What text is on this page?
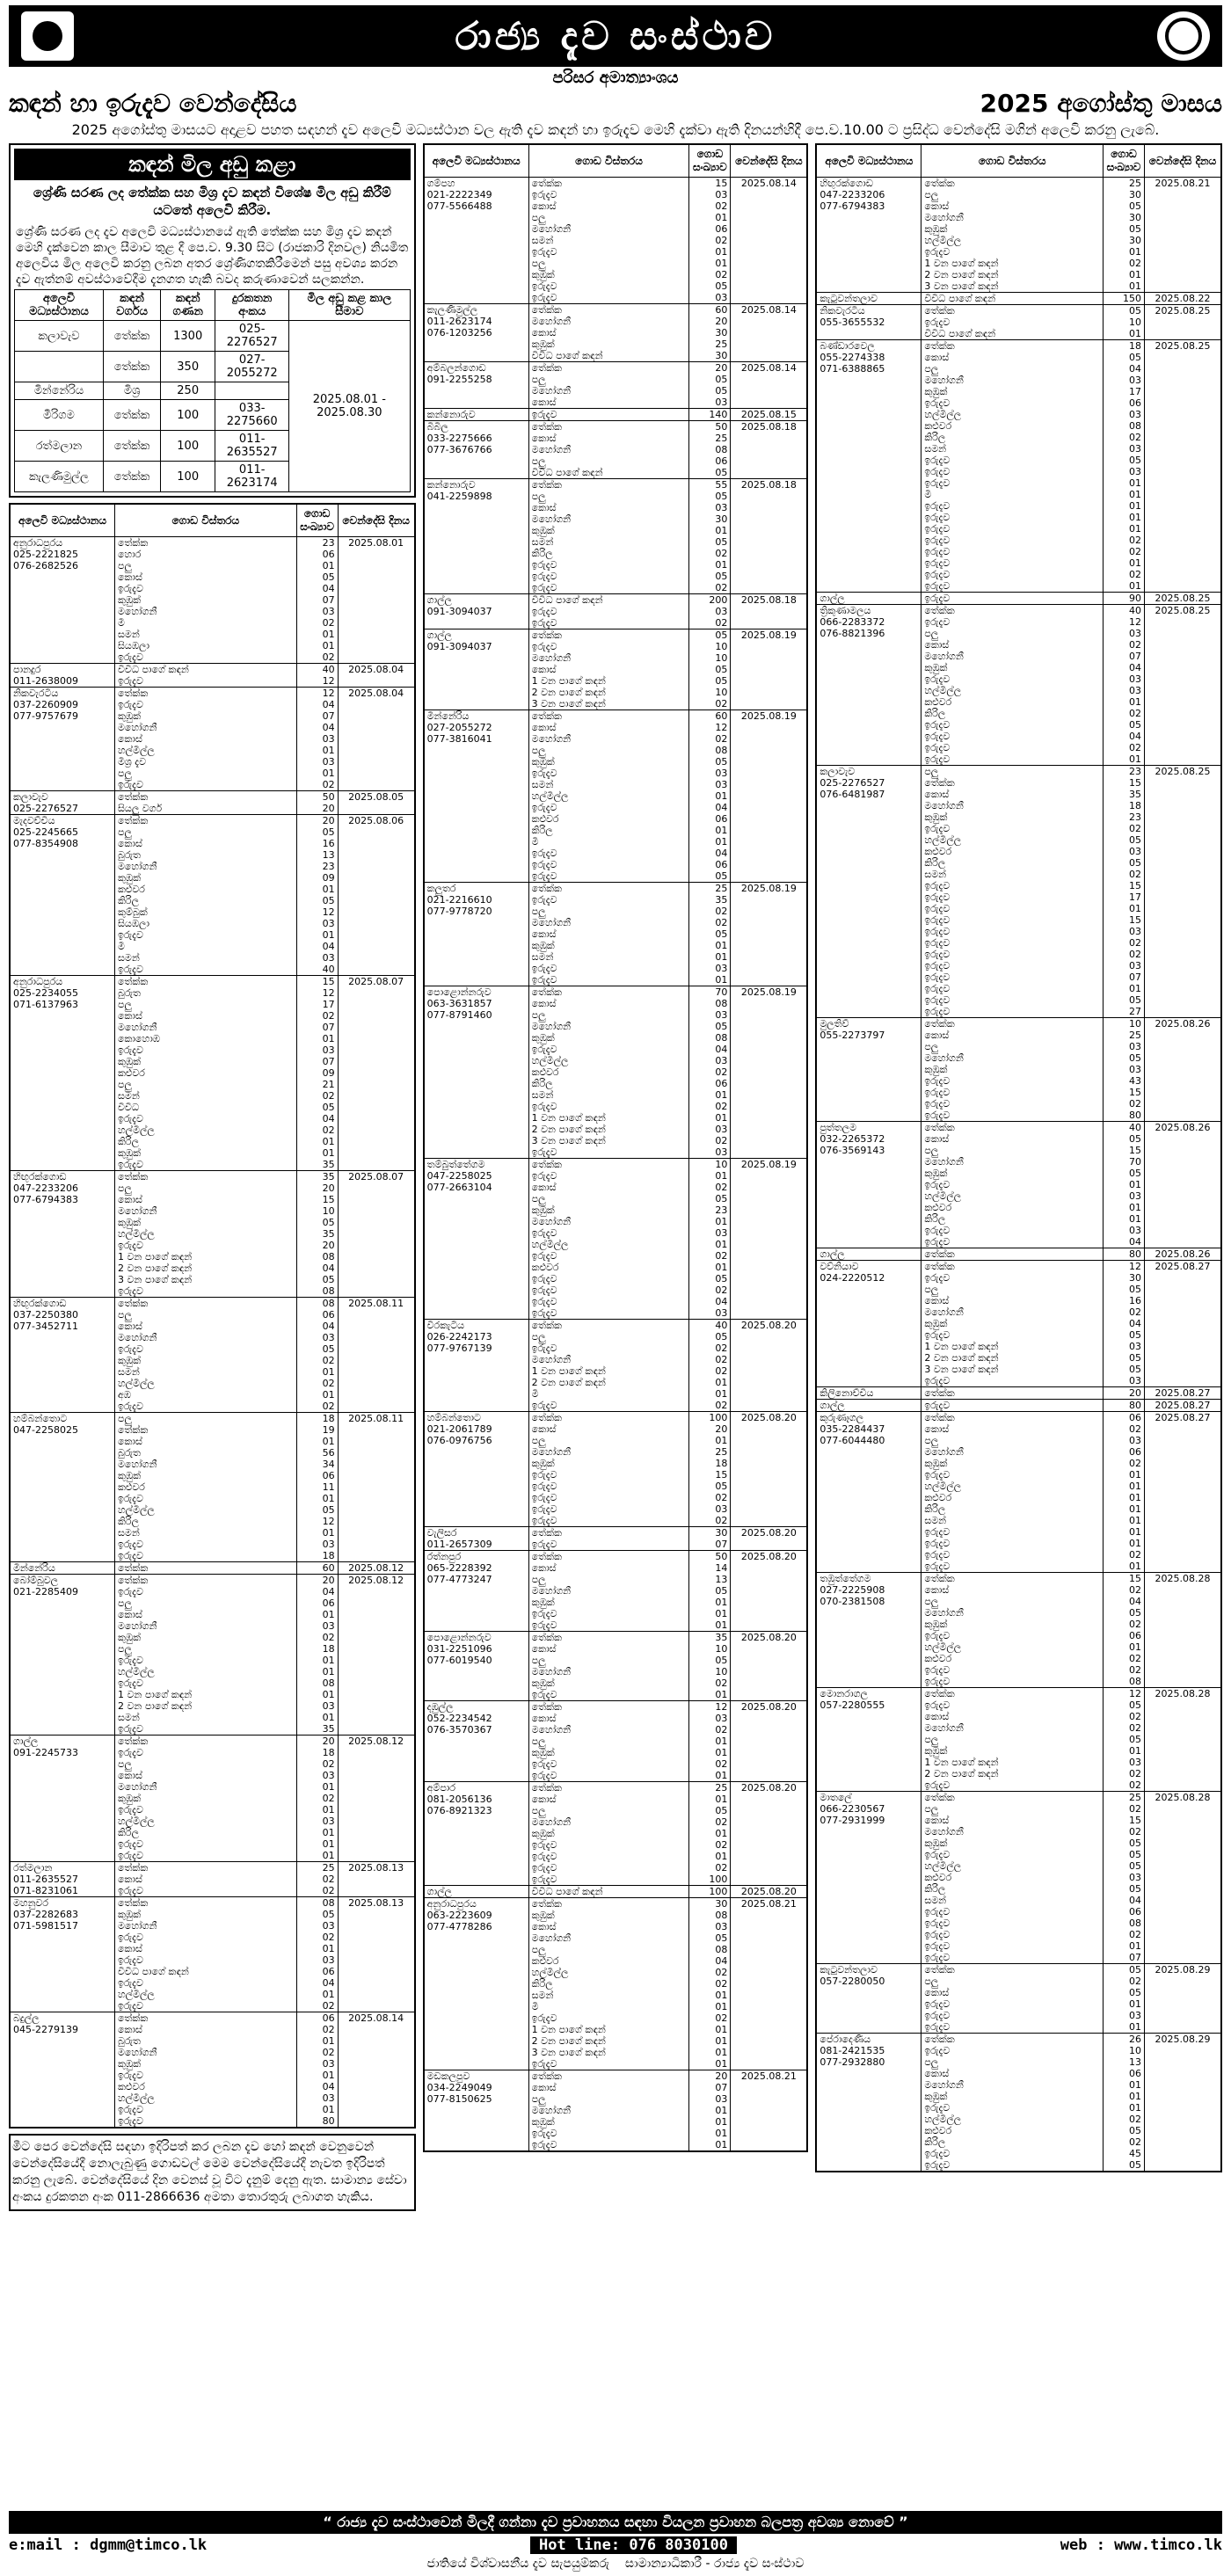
රාජ්‍ය දැව සංස්ථාව
පරිසර අමාත්‍යාංශය
කඳන් හා ඉරුදැව වෙන්දේසිය	2025 අගෝස්තු මාසය
2025 අගෝස්තු මාසයට අදාළව පහත සඳහන් දැව අලෙවි මධ්‍යස්ථාන වල ඇති දැව කඳන් හා ඉරුදැව මෙහි දැක්වා ඇති දිනයන්හිදී පෙ.ව.10.00 ට ප්‍රසිද්ධ වෙන්දේසි මගින් අලෙවි කරනු ලැබේ.
කඳන් මිල අඩු කළා
ශ්‍රේණි සරණ ලද තේක්ක සහ මිශ්‍ර දැව කඳන් විශේෂ මිල අඩු කිරීම් යටතේ අලෙවි කිරීම.
ශ්‍රේණි සරණ ලද දැව අලෙවි මධ්‍යස්ථානයේ ඇති තේක්ක සහ මිශ්‍ර දැව කඳන් මෙහි දැක්වෙන කාල සීමාව තුළ දී පෙ.ව. 9.30 සිට (රාජකාරි දිනවල) නියමිත අලෙවිය මිල අලෙවි කරනු ලබන අතර ශ්‍රේණිගතකිරීමෙන් පසු අවශ්‍ය කරන දැව ඇත්නම් අවස්ථාවේදීම දැනගත හැකි බවද කරුණාවෙන් සලකන්න.
අලෙවි මධ්‍යස්ථානය	කඳන් වර්ගය	කඳන් ගණන	දුරකතන අංකය	මිල අඩු කළ කාල සීමාව
කලාවැව	තේක්ක	1300	025-2276527	2025.08.01 - 2025.08.30
	තේක්ක	350	027-2055272	
මින්නේරිය	මිශ්‍ර	250		
මීරිගම	තේක්ක	100	033-2275660	
රත්මලාන	තේක්ක	100	011-2635527	
කැලණිමුල්ල	තේක්ක	100	011-2623174	
අලෙවි මධ්‍යස්ථානය	ගොඩ විස්තරය	ගොඩ සංඛ්‍යාව	වෙන්දේසි දිනය
අනුරාධපුරය	තේක්ක	23	2025.08.01
025-2221825	හොර	06	
076-2682526	පලු	01	
	කොස්	05	
	ඉරුදැව	04	
	කුඹුක්	07	
	මහෝගනී	03	
	මී	02	
	සමන්	01	
	සියඹලා	01	
	ඉරුදැව	02	
පානදුර	විවිධ පාගේ කඳන්	40	2025.08.04
011-2638009	ඉරුදැව	12	
නිකවැරටිය	තේක්ක	12	2025.08.04
037-2260909	ඉරුදැව	04	
077-9757679	කුඹුක්	07	
	මහෝගනී	04	
	කොස්	03	
	හල්මිල්ල	01	
	මිශ්‍ර දැව	03	
	පලු	01	
	ඉරුදැව	02	
කලාවැව	තේක්ක	50	2025.08.05
025-2276527	සියලු වර්ග	20	
මැදවච්චිය	තේක්ක	20	2025.08.06
025-2245665	පලු	05	
077-8354908	කොස්	16	
	බුරුත	13	
	මහෝගනී	23	
	කුඹුක්	09	
	කළුවර	01	
	කිරිල	05	
	කුම්බුක්	12	
	සියඹලා	03	
	ඉරුදැව	01	
	මී	04	
	සමන්	03	
	ඉරුදැව	40	
අනුරාධපුරය	තේක්ක	15	2025.08.07
025-2234055	බුරුත	12	
071-6137963	පලු	17	
	කොස්	02	
	මහෝගනී	07	
	කොහොඹ	01	
	ඉරුදැව	03	
	කුඹුක්	07	
	කළුවර	09	
	පලු	21	
	සමන්	02	
	විවිධ	05	
	ඉරුදැව	04	
	හල්මිල්ල	02	
	කිරිල	01	
	කුඹුක්	01	
	ඉරුදැව	35	
හිඟුරක්ගොඩ	තේක්ක	35	2025.08.07
047-2233206	පලු	20	
077-6794383	කොස්	15	
	මහෝගනී	10	
	කුඹුක්	05	
	හල්මිල්ල	35	
	ඉරුදැව	20	
	1 වන පාගේ කඳන්	08	
	2 වන පාගේ කඳන්	04	
	3 වන පාගේ කඳන්	05	
	ඉරුදැව	08	
හිඟුරක්ගොඩ	තේක්ක	08	2025.08.11
037-2250380	පලු	06	
077-3452711	කොස්	04	
	මහෝගනී	03	
	ඉරුදැව	05	
	කුඹුක්	02	
	සමන්	01	
	හල්මිල්ල	02	
	අඹ	01	
	ඉරුදැව	02	
හම්බන්තොට	පලු	18	2025.08.11
047-2258025	තේක්ක	19	
	කොස්	01	
	බුරුත	56	
	මහෝගනී	34	
	කුඹුක්	06	
	කළුවර	11	
	ඉරුදැව	01	
	හල්මිල්ල	05	
	කිරිල	12	
	සමන්	01	
	ඉරුදැව	03	
	ඉරුදැව	18	
මින්නේරිය	තේක්ක	60	2025.08.12
බෝම්බුවල	තේක්ක	20	2025.08.12
021-2285409	ඉරුදැව	04	
	පලු	06	
	කොස්	01	
	මහෝගනී	03	
	කුඹුක්	02	
	පලු	18	
	ඉරුදැව	01	
	හල්මිල්ල	01	
	ඉරුදැව	08	
	1 වන පාගේ කඳන්	01	
	2 වන පාගේ කඳන්	03	
	සමන්	01	
	ඉරුදැව	35	
ගාල්ල	තේක්ක	20	2025.08.12
091-2245733	ඉරුදැව	18	
	පලු	02	
	කොස්	03	
	මහෝගනී	01	
	කුඹුක්	02	
	ඉරුදැව	01	
	හල්මිල්ල	03	
	කිරිල	01	
	ඉරුදැව	01	
	ඉරුදැව	01	
රත්මලාන	තේක්ක	25	2025.08.13
011-2635527	කොස්	02	
071-8231061	ඉරුදැව	02	
මහනුවර	තේක්ක	08	2025.08.13
037-2282683	කුඹුක්	05	
071-5981517	මහෝගනී	03	
	ඉරුදැව	02	
	කොස්	01	
	ඉරුදැව	03	
	විවිධ පාගේ කඳන්	06	
	ඉරුදැව	04	
	හල්මිල්ල	01	
	ඉරුදැව	02	
බදුල්ල	තේක්ක	06	2025.08.14
045-2279139	කොස්	02	
	බුරුත	01	
	මහෝගනී	02	
	කුඹුක්	03	
	ඉරුදැව	01	
	කළුවර	04	
	හල්මිල්ල	03	
	ඉරුදැව	01	
	ඉරුදැව	80	
මීට පෙර වෙන්දේසි සඳහා ඉදිරිපත් කර ලබන දැව හෝ කඳන් වෙනුවෙන් වෙන්දේසියේදී නොලැබුණු ගොඩවල් මෙම වෙන්දේසියේදී නැවත ඉදිරිපත් කරනු ලැබේ. වෙන්දේසියේ දින වෙනස් වූ විට දැනුම් දෙනු ඇත. සාමාන්‍ය සේවා අංකය දුරකතන අංක 011-2866636 අමතා තොරතුරු ලබාගත හැකිය.
අලෙවි මධ්‍යස්ථානය	ගොඩ විස්තරය	ගොඩ සංඛ්‍යාව	වෙන්දේසි දිනය
ගම්පහ	තේක්ක	15	2025.08.14
021-2222349	ඉරුදැව	03	
077-5566488	කොස්	02	
	පලු	01	
	මහෝගනී	06	
	සමන්	02	
	ඉරුදැව	01	
	පලු	01	
	කුඹුක්	02	
	ඉරුදැව	05	
	ඉරුදැව	03	
කැලණිමුල්ල	තේක්ක	60	2025.08.14
011-2623174	මහෝගනී	20	
076-1203256	කොස්	30	
	කුඹුක්	25	
	විවිධ පාගේ කඳන්	30	
අම්බලන්ගොඩ	තේක්ක	20	2025.08.14
091-2255258	පලු	05	
	මහෝගනී	05	
	කොස්	03	
කන්නොරුව	ඉරුදැව	140	2025.08.15
බිබිල	තේක්ක	50	2025.08.18
033-2275666	කොස්	25	
077-3676766	මහෝගනී	08	
	පලු	06	
	විවිධ පාගේ කඳන්	05	
කන්නොරුව	තේක්ක	55	2025.08.18
041-2259898	පලු	05	
	කොස්	03	
	මහෝගනී	30	
	කුඹුක්	01	
	සමන්	05	
	කිරිල	02	
	ඉරුදැව	01	
	ඉරුදැව	05	
	ඉරුදැව	02	
ගාල්ල	විවිධ පාගේ කඳන්	200	2025.08.18
091-3094037	ඉරුදැව	03	
	ඉරුදැව	02	
ගාල්ල	තේක්ක	05	2025.08.19
091-3094037	ඉරුදැව	10	
	මහෝගනී	10	
	කොස්	05	
	1 වන පාගේ කඳන්	05	
	2 වන පාගේ කඳන්	10	
	3 වන පාගේ කඳන්	02	
මින්නේරිය	තේක්ක	60	2025.08.19
027-2055272	කොස්	12	
077-3816041	මහෝගනී	02	
	පලු	08	
	කුඹුක්	05	
	ඉරුදැව	03	
	සමන්	03	
	හල්මිල්ල	01	
	ඉරුදැව	04	
	කළුවර	06	
	කිරිල	01	
	මී	01	
	ඉරුදැව	04	
	ඉරුදැව	06	
	ඉරුදැව	05	
කලුතර	තේක්ක	25	2025.08.19
021-2216610	ඉරුදැව	35	
077-9778720	පලු	02	
	මහෝගනී	02	
	කොස්	05	
	කුඹුක්	01	
	සමන්	01	
	ඉරුදැව	03	
	ඉරුදැව	01	
පොළොන්නරුව	තේක්ක	70	2025.08.19
063-3631857	කොස්	08	
077-8791460	පලු	03	
	මහෝගනී	05	
	කුඹුක්	08	
	ඉරුදැව	04	
	හල්මිල්ල	03	
	කළුවර	02	
	කිරිල	06	
	සමන්	01	
	ඉරුදැව	02	
	1 වන පාගේ කඳන්	01	
	2 වන පාගේ කඳන්	03	
	3 වන පාගේ කඳන්	02	
	ඉරුදැව	03	
තම්බුත්තේගම	තේක්ක	10	2025.08.19
047-2258025	ඉරුදැව	01	
077-2663104	කොස්	02	
	පලු	05	
	කුඹුක්	23	
	මහෝගනී	01	
	ඉරුදැව	03	
	හල්මිල්ල	01	
	ඉරුදැව	02	
	කළුවර	01	
	ඉරුදැව	05	
	ඉරුදැව	02	
	ඉරුදැව	04	
	ඉරුදැව	03	
වීරකැටිය	තේක්ක	40	2025.08.20
026-2242173	පලු	05	
077-9767139	ඉරුදැව	02	
	මහෝගනී	02	
	1 වන පාගේ කඳන්	02	
	2 වන පාගේ කඳන්	01	
	මී	01	
	ඉරුදැව	02	
හම්බන්තොට	තේක්ක	100	2025.08.20
021-2061789	කොස්	20	
076-0976756	පලු	01	
	මහෝගනී	25	
	කුඹුක්	18	
	ඉරුදැව	15	
	ඉරුදැව	05	
	ඉරුදැව	02	
	ඉරුදැව	03	
	ඉරුදැව	02	
වැලිසර	තේක්ක	30	2025.08.20
011-2657309	ඉරුදැව	07	
රත්නපුර	තේක්ක	50	2025.08.20
065-2228392	කොස්	14	
077-4773247	පලු	13	
	මහෝගනී	05	
	කුඹුක්	01	
	ඉරුදැව	01	
	ඉරුදැව	01	
පොළොන්නරුව	තේක්ක	35	2025.08.20
031-2251096	කොස්	10	
077-6019540	පලු	05	
	මහෝගනී	10	
	කුඹුක්	02	
	ඉරුදැව	01	
දඹුල්ල	තේක්ක	12	2025.08.20
052-2234542	කොස්	03	
076-3570367	මහෝගනී	02	
	පලු	01	
	කුඹුක්	01	
	ඉරුදැව	02	
	ඉරුදැව	01	
අම්පාර	තේක්ක	25	2025.08.20
081-2056136	කොස්	01	
076-8921323	පලු	05	
	මහෝගනී	02	
	කුඹුක්	01	
	ඉරුදැව	02	
	ඉරුදැව	01	
	ඉරුදැව	02	
	ඉරුදැව	100	
ගාල්ල	විවිධ පාගේ කඳන්	100	2025.08.20
අනුරාධපුරය	තේක්ක	30	2025.08.21
063-2223609	කුඹුක්	08	
077-4778286	කොස්	03	
	මහෝගනී	05	
	පලු	08	
	කළුවර	04	
	හල්මිල්ල	02	
	කිරිල	02	
	සමන්	01	
	මී	01	
	ඉරුදැව	02	
	1 වන පාගේ කඳන්	01	
	2 වන පාගේ කඳන්	01	
	3 වන පාගේ කඳන්	01	
	ඉරුදැව	01	
මඩකලපුව	තේක්ක	20	2025.08.21
034-2249049	කොස්	07	
077-8150625	පලු	03	
	මහෝගනී	01	
	කුඹුක්	01	
	ඉරුදැව	01	
	ඉරුදැව	01	
අලෙවි මධ්‍යස්ථානය	ගොඩ විස්තරය	ගොඩ සංඛ්‍යාව	වෙන්දේසි දිනය
හිඟුරක්ගොඩ	තේක්ක	25	2025.08.21
047-2233206	පලු	30	
077-6794383	කොස්	05	
	මහෝගනී	30	
	කුඹුක්	05	
	හල්මිල්ල	30	
	ඉරුදැව	01	
	1 වන පාගේ කඳන්	02	
	2 වන පාගේ කඳන්	01	
	3 වන පාගේ කඳන්	01	
කැටුවන්තලාව	විවිධ පාගේ කඳන්	150	2025.08.22
නිකවැරටිය	තේක්ක	05	2025.08.25
055-3655532	ඉරුදැව	10	
	විවිධ පාගේ කඳන්	01	
බණ්ඩාරවෙල	තේක්ක	18	2025.08.25
055-2274338	කොස්	05	
071-6388865	පලු	04	
	මහෝගනී	03	
	කුඹුක්	17	
	ඉරුදැව	06	
	හල්මිල්ල	03	
	කළුවර	08	
	කිරිල	02	
	සමන්	03	
	ඉරුදැව	05	
	ඉරුදැව	03	
	ඉරුදැව	01	
	මී	01	
	ඉරුදැව	01	
	ඉරුදැව	01	
	ඉරුදැව	01	
	ඉරුදැව	02	
	ඉරුදැව	02	
	ඉරුදැව	01	
	ඉරුදැව	02	
	ඉරුදැව	01	
ගාල්ල	ඉරුදැව	90	2025.08.25
ත්‍රිකුණාමලය	තේක්ක	40	2025.08.25
066-2283372	ඉරුදැව	12	
076-8821396	පලු	03	
	කොස්	02	
	මහෝගනී	07	
	කුඹුක්	04	
	ඉරුදැව	03	
	හල්මිල්ල	03	
	කළුවර	01	
	කිරිල	02	
	ඉරුදැව	05	
	ඉරුදැව	04	
	ඉරුදැව	02	
	ඉරුදැව	01	
කලාවැව	පලු	23	2025.08.25
025-2276527	තේක්ක	15	
076-6481987	කොස්	35	
	මහෝගනී	18	
	කුඹුක්	23	
	ඉරුදැව	02	
	හල්මිල්ල	05	
	කළුවර	03	
	කිරිල	05	
	සමන්	02	
	ඉරුදැව	15	
	ඉරුදැව	17	
	ඉරුදැව	01	
	ඉරුදැව	15	
	ඉරුදැව	03	
	ඉරුදැව	02	
	ඉරුදැව	02	
	ඉරුදැව	03	
	ඉරුදැව	07	
	ඉරුදැව	01	
	ඉරුදැව	05	
	ඉරුදැව	27	
මුලතිව්	තේක්ක	10	2025.08.26
055-2273797	කොස්	25	
	පලු	03	
	මහෝගනී	05	
	කුඹුක්	03	
	ඉරුදැව	43	
	ඉරුදැව	15	
	ඉරුදැව	02	
	ඉරුදැව	80	
පුත්තලම	තේක්ක	40	2025.08.26
032-2265372	කොස්	05	
076-3569143	පලු	15	
	මහෝගනී	70	
	කුඹුක්	05	
	ඉරුදැව	01	
	හල්මිල්ල	03	
	කළුවර	01	
	කිරිල	01	
	ඉරුදැව	03	
	ඉරුදැව	04	
ගාල්ල	තේක්ක	80	2025.08.26
වව්නියාව	තේක්ක	12	2025.08.27
024-2220512	ඉරුදැව	30	
	පලු	05	
	කොස්	16	
	මහෝගනී	02	
	කුඹුක්	04	
	ඉරුදැව	05	
	1 වන පාගේ කඳන්	03	
	2 වන පාගේ කඳන්	05	
	3 වන පාගේ කඳන්	05	
	ඉරුදැව	03	
කිලිනොච්චිය	තේක්ක	20	2025.08.27
ගාල්ල	ඉරුදැව	80	2025.08.27
කුරුණෑගල	තේක්ක	06	2025.08.27
035-2284437	කොස්	02	
077-6044480	පලු	03	
	මහෝගනී	06	
	කුඹුක්	02	
	ඉරුදැව	01	
	හල්මිල්ල	01	
	කළුවර	01	
	කිරිල	01	
	සමන්	01	
	ඉරුදැව	01	
	ඉරුදැව	01	
	ඉරුදැව	02	
	ඉරුදැව	01	
තඹුත්තේගම	තේක්ක	15	2025.08.28
027-2225908	කොස්	02	
070-2381508	පලු	04	
	මහෝගනී	05	
	කුඹුක්	02	
	ඉරුදැව	06	
	හල්මිල්ල	01	
	කළුවර	02	
	ඉරුදැව	02	
	ඉරුදැව	08	
මොනරාගල	තේක්ක	12	2025.08.28
057-2280555	ඉරුදැව	05	
	කොස්	02	
	මහෝගනී	02	
	පලු	05	
	කුඹුක්	01	
	1 වන පාගේ කඳන්	03	
	2 වන පාගේ කඳන්	02	
	ඉරුදැව	02	
මාතලේ	තේක්ක	25	2025.08.28
066-2230567	පලු	02	
077-2931999	කොස්	15	
	මහෝගනී	02	
	කුඹුක්	05	
	ඉරුදැව	05	
	හල්මිල්ල	05	
	කළුවර	03	
	කිරිල	05	
	සමන්	04	
	ඉරුදැව	06	
	ඉරුදැව	08	
	ඉරුදැව	02	
	ඉරුදැව	01	
	ඉරුදැව	07	
කැටුවන්තලාව	තේක්ක	05	2025.08.29
057-2280050	පලු	02	
	කොස්	05	
	ඉරුදැව	01	
	ඉරුදැව	03	
	ඉරුදැව	01	
පේරාදෙණිය	තේක්ක	26	2025.08.29
081-2421535	ඉරුදැව	10	
077-2932880	පලු	13	
	කොස්	06	
	මහෝගනී	01	
	කුඹුක්	01	
	ඉරුදැව	01	
	හල්මිල්ල	02	
	කළුවර	05	
	කිරිල	02	
	ඉරුදැව	45	
	ඉරුදැව	05	
“ රාජ්‍ය දැව සංස්ථාවෙන් මිලදී ගන්නා දැව ප්‍රවාහනය සඳහා වියලන ප්‍රවාහන බලපත්‍ර අවශ්‍ය නොවේ ”
e:mail : dgmm@timco.lk	Hot line: 076 8030100	web : www.timco.lk
ජාතියේ විශ්වාසනීය දැව සැපයුම්කරු සාමාන්‍යාධිකාරී - රාජ්‍ය දැව සංස්ථාව
